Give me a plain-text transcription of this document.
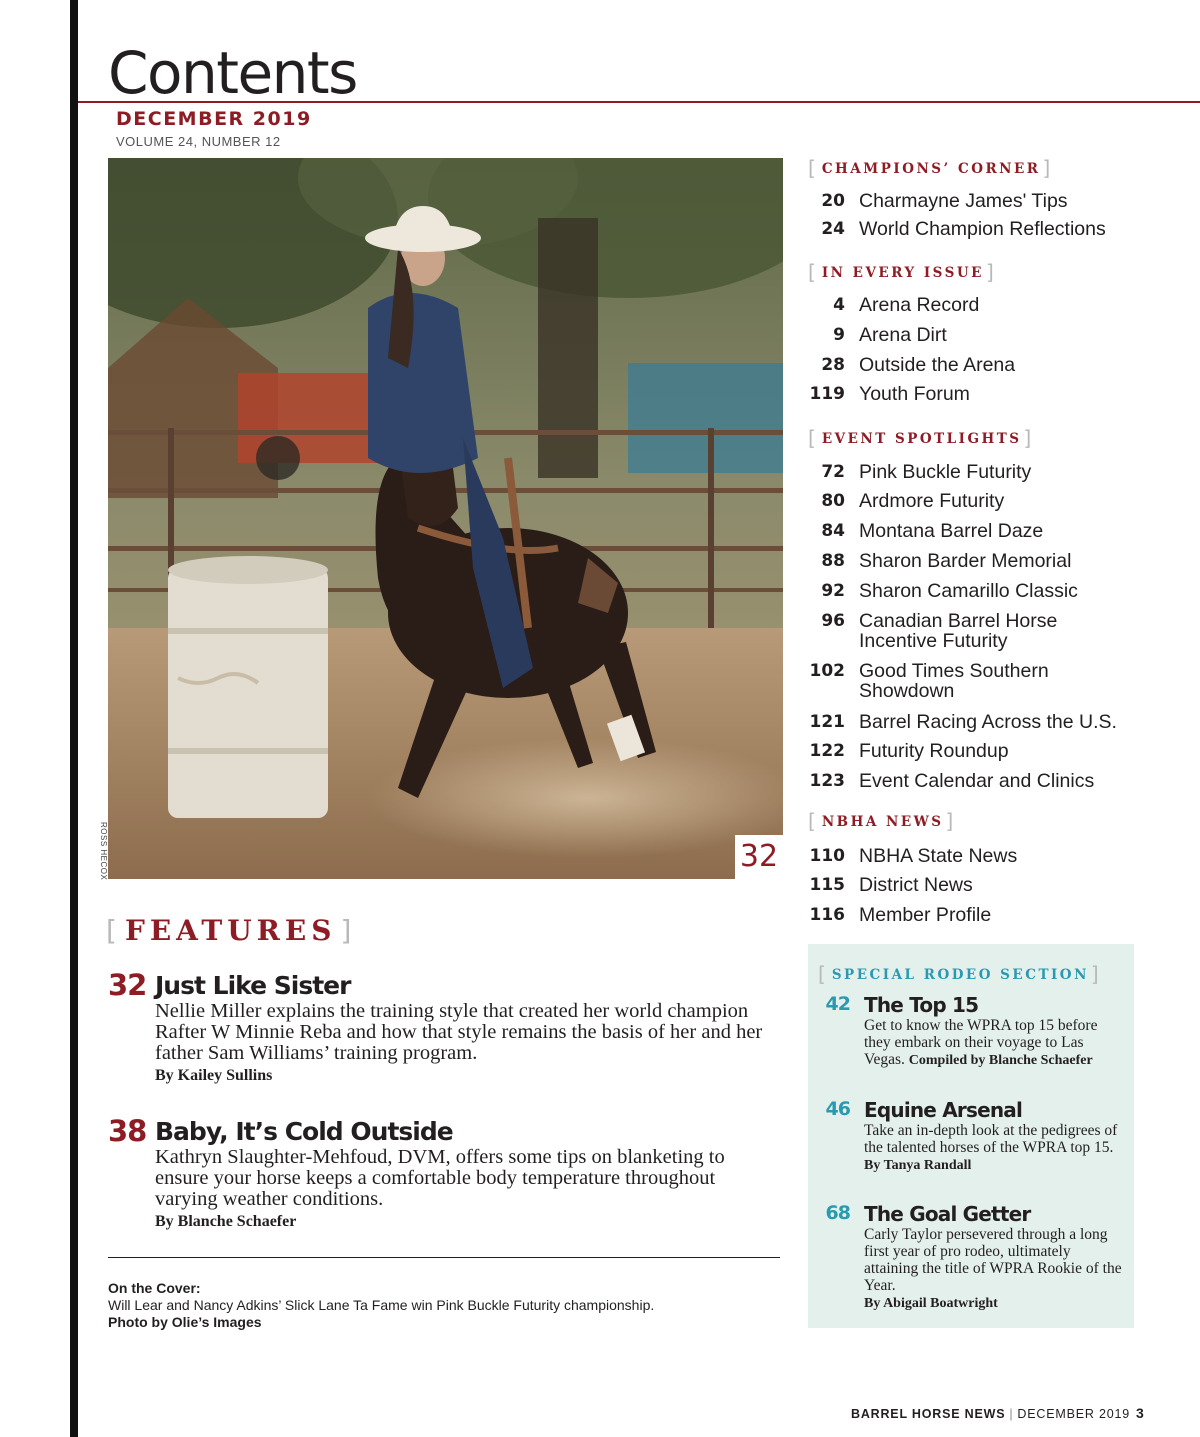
Contents
DECEMBER 2019
VOLUME 24, NUMBER 12
32
ROSS HECOX
[ FEATURES ]
32 Just Like Sister

Nellie Miller explains the training style that created her world champion Rafter W Minnie Reba and how that style remains the basis of her and her father Sam Williams’ training program.

By Kailey Sullins
38 Baby, It’s Cold Outside

Kathryn Slaughter-Mehfoud, DVM, offers some tips on blanketing to ensure your horse keeps a comfortable body temperature throughout varying weather conditions.

By Blanche Schaefer
On the Cover:
Will Lear and Nancy Adkins’ Slick Lane Ta Fame win Pink Buckle Futurity championship.
Photo by Olie’s Images
[ CHAMPIONS’ CORNER ]
20 Charmayne James' Tips
24 World Champion Reflections
[ IN EVERY ISSUE ]
4 Arena Record
9 Arena Dirt
28 Outside the Arena
119 Youth Forum
[ EVENT SPOTLIGHTS ]
72 Pink Buckle Futurity
80 Ardmore Futurity
84 Montana Barrel Daze
88 Sharon Barder Memorial
92 Sharon Camarillo Classic
96 Canadian Barrel Horse Incentive Futurity
102 Good Times Southern Showdown
121 Barrel Racing Across the U.S.
122 Futurity Roundup
123 Event Calendar and Clinics
[ NBHA NEWS ]
110 NBHA State News
115 District News
116 Member Profile
[ SPECIAL RODEO SECTION ]
42 The Top 15

Get to know the WPRA top 15 before they embark on their voyage to Las Vegas. Compiled by Blanche Schaefer

46 Equine Arsenal

Take an in-depth look at the pedigrees of the talented horses of the WPRA top 15. By Tanya Randall

68 The Goal Getter

Carly Taylor persevered through a long first year of pro rodeo, ultimately attaining the title of WPRA Rookie of the Year.
By Abigail Boatwright

BARREL HORSE NEWS | DECEMBER 2019 3
